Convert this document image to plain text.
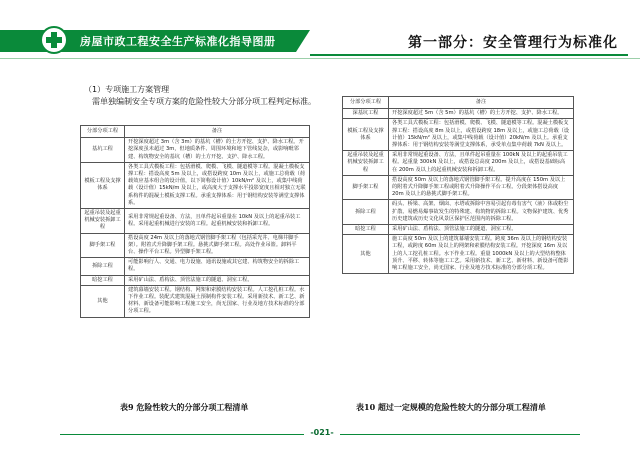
房屋市政工程安全生产标准化指导图册	第一部分：安全管理行为标准化
（1）专项施工方案管理
需单独编制安全专项方案的危险性较大分部分项工程判定标准。
分部分项工程	备注
基坑工程	开挖深度超过 3m（含 3m）的基坑（槽）的土方开挖、支护、降水工程。开挖深度虽未超过 3m，但地质条件、周围环境和地下管线复杂，或影响毗邻建、构筑物安全的基坑（槽）的土方开挖、支护、降水工程。
模板工程及支撑体系	各类工具式模板工程：包括滑模、爬模、飞模、隧道模等工程。混凝土模板支撑工程：搭设高度 5m 及以上，或搭设跨度 10m 及以上，或施工总荷载（荷载效应基本组合的设计值，以下简称设计值）10kN/m² 及以上，或集中线荷载（设计值）15kN/m 及以上，或高度大于支撑水平投影宽度且相对独立无联系构件的混凝土模板支撑工程。承重支撑体系：用于钢结构安装等满堂支撑体系。
起重吊装及起重机械安装拆卸工程	采用非常规起重设备、方法，且单件起吊重量在 10kN 及以上的起重吊装工程。采用起重机械进行安装的工程。起重机械安装和拆卸工程。
脚手架工程	搭设高度 24m 及以上的落地式钢管脚手架工程（包括采光井、电梯井脚手架）。附着式升降脚手架工程。悬挑式脚手架工程。高处作业吊篮。卸料平台、操作平台工程。异型脚手架工程。
拆除工程	可能影响行人、交通、电力设施、通讯设施或其它建、构筑物安全的拆除工程。
暗挖工程	采用矿山法、盾构法、顶管法施工的隧道、洞室工程。
其他	建筑幕墙安装工程。钢结构、网架和索膜结构安装工程。人工挖孔桩工程。水下作业工程。装配式建筑混凝土预制构件安装工程。采用新技术、新工艺、新材料、新设备可能影响工程施工安全，尚无国家、行业及地方技术标准的分部分项工程。
分部分项工程	备注
深基坑工程	开挖深度超过 5m（含 5m）的基坑（槽）的土方开挖、支护、降水工程。
模板工程及支撑体系	各类工具式模板工程：包括滑模、爬模、飞模、隧道模等工程。混凝土模板支撑工程：搭设高度 8m 及以上，或搭设跨度 18m 及以上，或施工总荷载（设计值）15kN/m² 及以上，或集中线荷载（设计值）20kN/m 及以上。承重支撑体系：用于钢结构安装等满堂支撑体系，承受单点集中荷载 7kN 及以上。
起重吊装及起重机械安装拆卸工程	采用非常规起重设备、方法，且单件起吊重量在 100kN 及以上的起重吊装工程。起重量 300kN 及以上，或搭设总高度 200m 及以上，或搭设基础标高在 200m 及以上的起重机械安装和拆卸工程。
脚手架工程	搭设高度 50m 及以上的落地式钢管脚手架工程。提升高度在 150m 及以上的附着式升降脚手架工程或附着式升降操作平台工程。分段架体搭设高度 20m 及以上的悬挑式脚手架工程。
拆除工程	码头、桥梁、高架、烟囱、水塔或拆除中容易引起有毒有害气（液）体或粉尘扩散、易燃易爆事故发生的特殊建、构筑物的拆除工程。文物保护建筑、优秀历史建筑或历史文化风景区保护区范围内的拆除工程。
暗挖工程	采用矿山法、盾构法、顶管法施工的隧道、洞室工程。
其他	施工高度 50m 及以上的建筑幕墙安装工程。跨度 36m 及以上的钢结构安装工程，或跨度 60m 及以上的网架和索膜结构安装工程。开挖深度 16m 及以上的人工挖孔桩工程。水下作业工程。重量 1000kN 及以上的大型结构整体顶升、平移、转体等施工工艺。采用新技术、新工艺、新材料、新设备可能影响工程施工安全，尚无国家、行业及地方技术标准的分部分项工程。
表9 危险性较大的分部分项工程清单	表10 超过一定规模的危险性较大的分部分项工程清单
-021-
